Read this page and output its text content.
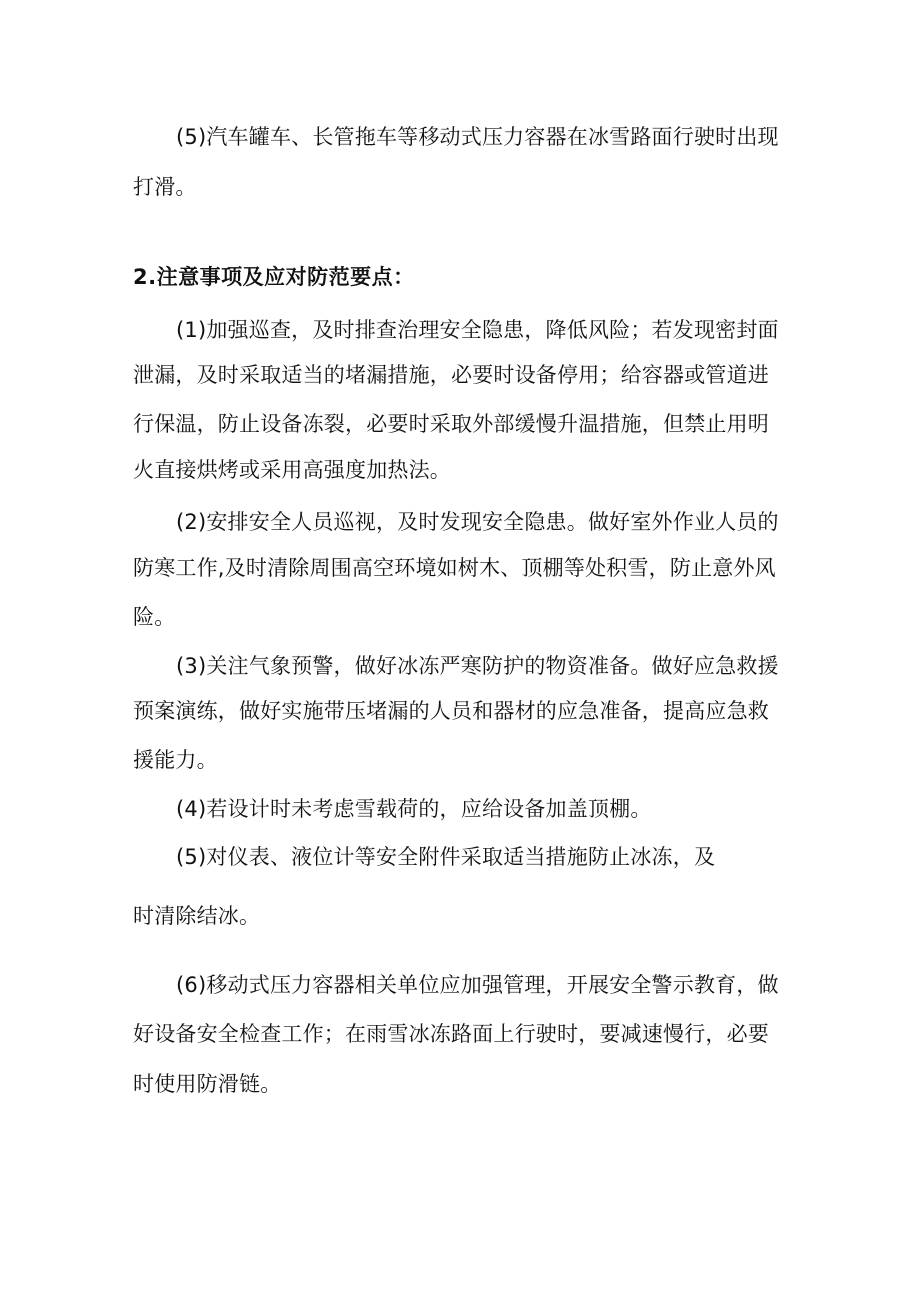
(5)汽车罐车、长管拖车等移动式压力容器在冰雪路面行驶时出现
打滑。
2.注意事项及应对防范要点：
(1)加强巡查，及时排查治理安全隐患，降低风险；若发现密封面
泄漏，及时采取适当的堵漏措施，必要时设备停用；给容器或管道进
行保温，防止设备冻裂，必要时采取外部缓慢升温措施，但禁止用明
火直接烘烤或采用高强度加热法。
(2)安排安全人员巡视，及时发现安全隐患。做好室外作业人员的
防寒工作,及时清除周围高空环境如树木、顶棚等处积雪，防止意外风
险。
(3)关注气象预警，做好冰冻严寒防护的物资准备。做好应急救援
预案演练，做好实施带压堵漏的人员和器材的应急准备，提高应急救
援能力。
(4)若设计时未考虑雪载荷的，应给设备加盖顶棚。
(5)对仪表、液位计等安全附件采取适当措施防止冰冻，及
时清除结冰。
(6)移动式压力容器相关单位应加强管理，开展安全警示教育，做
好设备安全检查工作；在雨雪冰冻路面上行驶时，要减速慢行，必要
时使用防滑链。
